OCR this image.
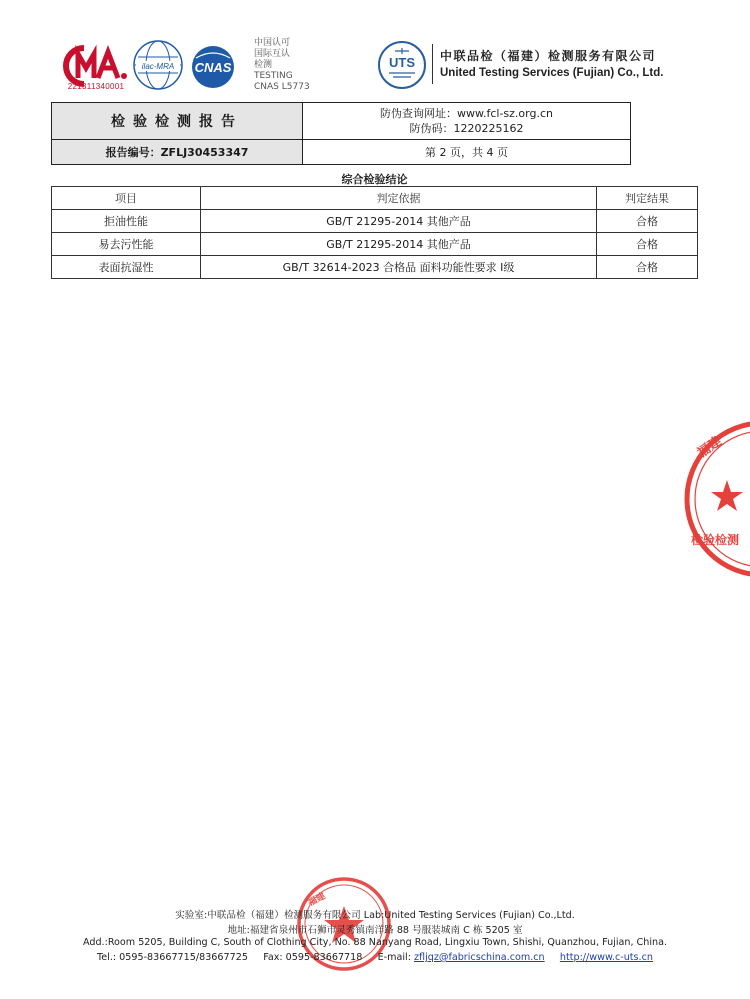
221311340001
ilac-MRA CNAS
中国认可
国际互认
检测
TESTING
CNAS L5773
UTS 中联品检（福建）检测服务有限公司
United Testing Services (Fujian) Co., Ltd.
检验检测报告	防伪查询网址：www.fcl-sz.org.cn
防伪码：1220225162

报告编号：ZFLJ30453347	第 2 页，共 4 页
综合检验结论
项目	判定依据	判定结果
拒油性能	GB/T 21295-2014 其他产品	合格
易去污性能	GB/T 21295-2014 其他产品	合格
表面抗湿性	GB/T 32614-2023 合格品 面料功能性要求 Ⅰ级	合格
福建
检验检测
福建
实验室:中联品检（福建）检测服务有限公司 Lab:United Testing Services (Fujian) Co.,Ltd.
地址:福建省泉州市石狮市灵秀镇南洋路 88 号服装城南 C 栋 5205 室
Add.:Room 5205, Building C, South of Clothing City, No. 88 Nanyang Road, Lingxiu Town, Shishi, Quanzhou, Fujian, China.
Tel.: 0595-83667715/83667725 Fax: 0595-83667718 E-mail: zfljqz@fabricschina.com.cn http://www.c-uts.cn
